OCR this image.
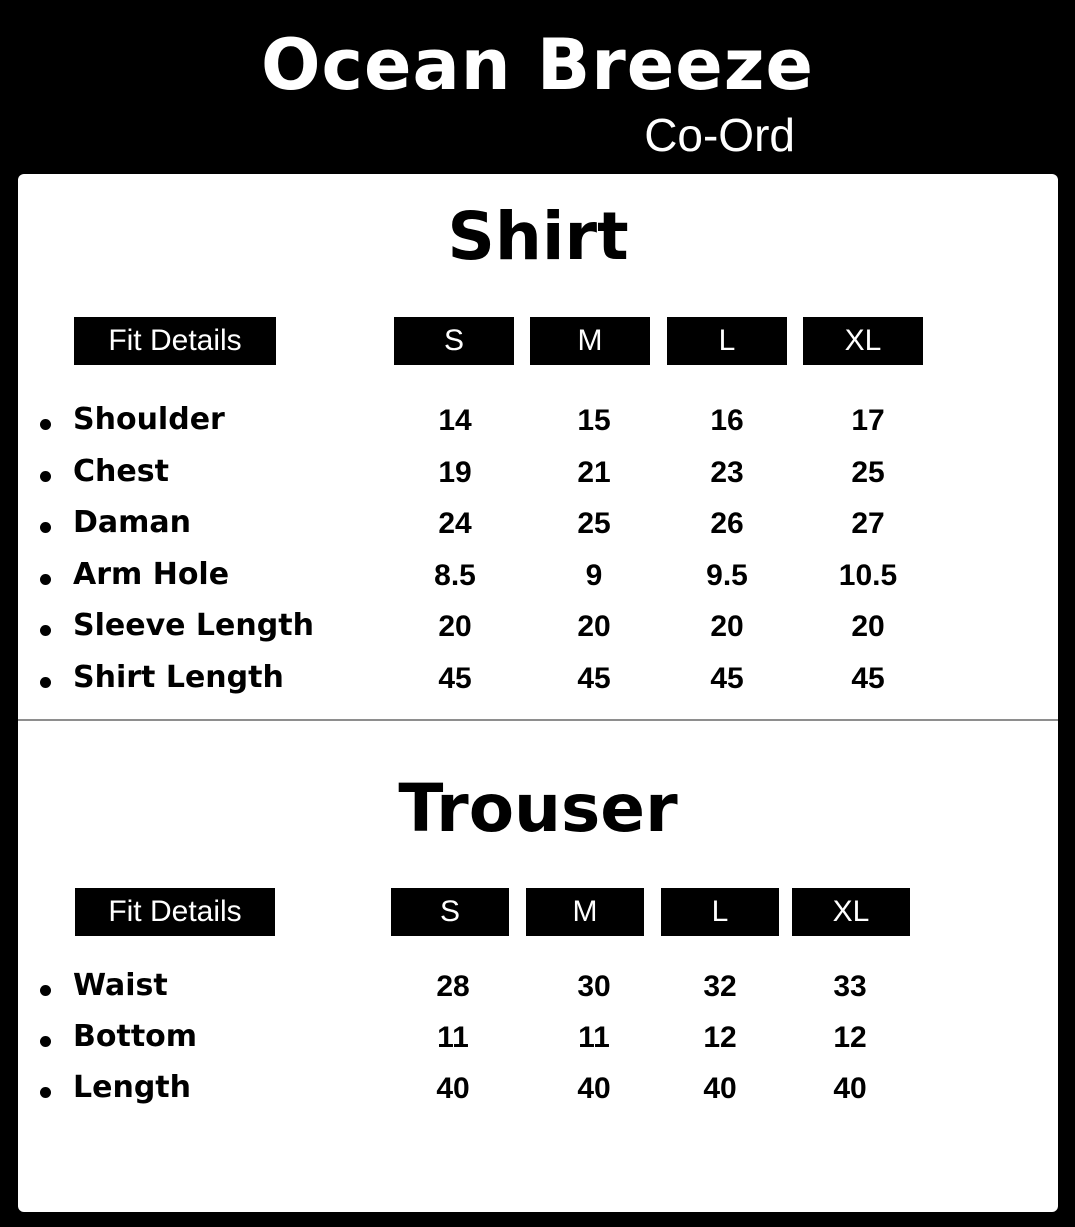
Ocean Breeze
Co-Ord
Shirt
Trouser
Fit Details	S	M	L	XL
Shoulder	14	15	16	17
Chest	19	21	23	25
Daman	24	25	26	27
Arm Hole	8.5	9	9.5	10.5
Sleeve Length	20	20	20	20
Shirt Length	45	45	45	45
Fit Details	S	M	L	XL
Waist	28	30	32	33
Bottom	11	11	12	12
Length	40	40	40	40
